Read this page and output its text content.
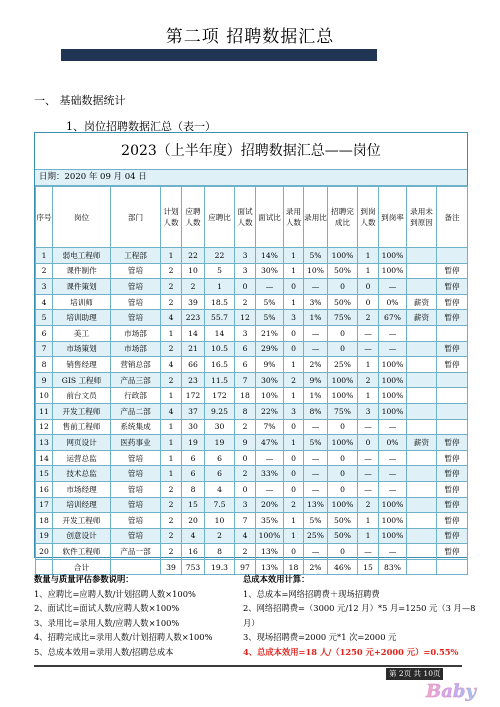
第二项 招聘数据汇总
一、 基础数据统计
1、岗位招聘数据汇总（表一）
2023（上半年度）招聘数据汇总——岗位
日期：2020 年 09 月 04 日
序号	岗位	部门	计划人数	应聘人数	应聘比	面试人数	面试比	录用人数	录用比	招聘完成比	到岗人数	到岗率	录用未到原因	备注
1	弱电工程师	工程部	1	22	22	3	14%	1	5%	100%	1	100%		
2	课件制作	管培	2	10	5	3	30%	1	10%	50%	1	100%		暂停
3	课件策划	管培	2	2	1	0	—	0	—	0	0	—		暂停
4	培训师	管培	2	39	18.5	2	5%	1	3%	50%	0	0%	薪资	暂停
5	培训助理	管培	4	223	55.7	12	5%	3	1%	75%	2	67%	薪资	暂停
6	美工	市场部	1	14	14	3	21%	0	—	0	—	—		
7	市场策划	市场部	2	21	10.5	6	29%	0	—	0	—	—		暂停
8	销售经理	营销总部	4	66	16.5	6	9%	1	2%	25%	1	100%		暂停
9	GIS 工程师	产品三部	2	23	11.5	7	30%	2	9%	100%	2	100%		
10	前台文员	行政部	1	172	172	18	10%	1	1%	100%	1	100%		
11	开发工程师	产品二部	4	37	9.25	8	22%	3	8%	75%	3	100%		
12	售前工程师	系统集成	1	30	30	2	7%	0	—	0	—	—		
13	网页设计	医药事业	1	19	19	9	47%	1	5%	100%	0	0%	薪资	暂停
14	运营总监	管培	1	6	6	0	—	0	—	0	—	—		暂停
15	技术总监	管培	1	6	6	2	33%	0	—	0	—	—		暂停
16	市场经理	管培	2	8	4	0	—	0	—	0	—	—		暂停
17	培训经理	管培	2	15	7.5	3	20%	2	13%	100%	2	100%		暂停
18	开发工程师	管培	2	20	10	7	35%	1	5%	50%	1	100%		暂停
19	创意设计	管培	2	4	2	4	100%	1	25%	50%	1	100%		暂停
20	软件工程师	产品一部	2	16	8	2	13%	0	—	0	—	—		暂停
	合计		39	753	19.3	97	13%	18	2%	46%	15	83%		
数量与质量评估参数说明：
1、应聘比=应聘人数/计划招聘人数×100%
2、面试比=面试人数/应聘人数×100%
3、录用比=录用人数/应聘人数×100%
4、招聘完成比=录用人数/计划招聘人数×100%
5、总成本效用=录用人数/招聘总成本
总成本效用计算：
1、总成本=网络招聘费＋现场招聘费
2、网络招聘费=（3000 元/12 月）*5 月=1250 元（3 月—8 月）
3、现场招聘费=2000 元*1 次=2000 元
4、总成本效用=18 人/（1250 元+2000 元）=0.55%
第 2页 共 10页
Baby
